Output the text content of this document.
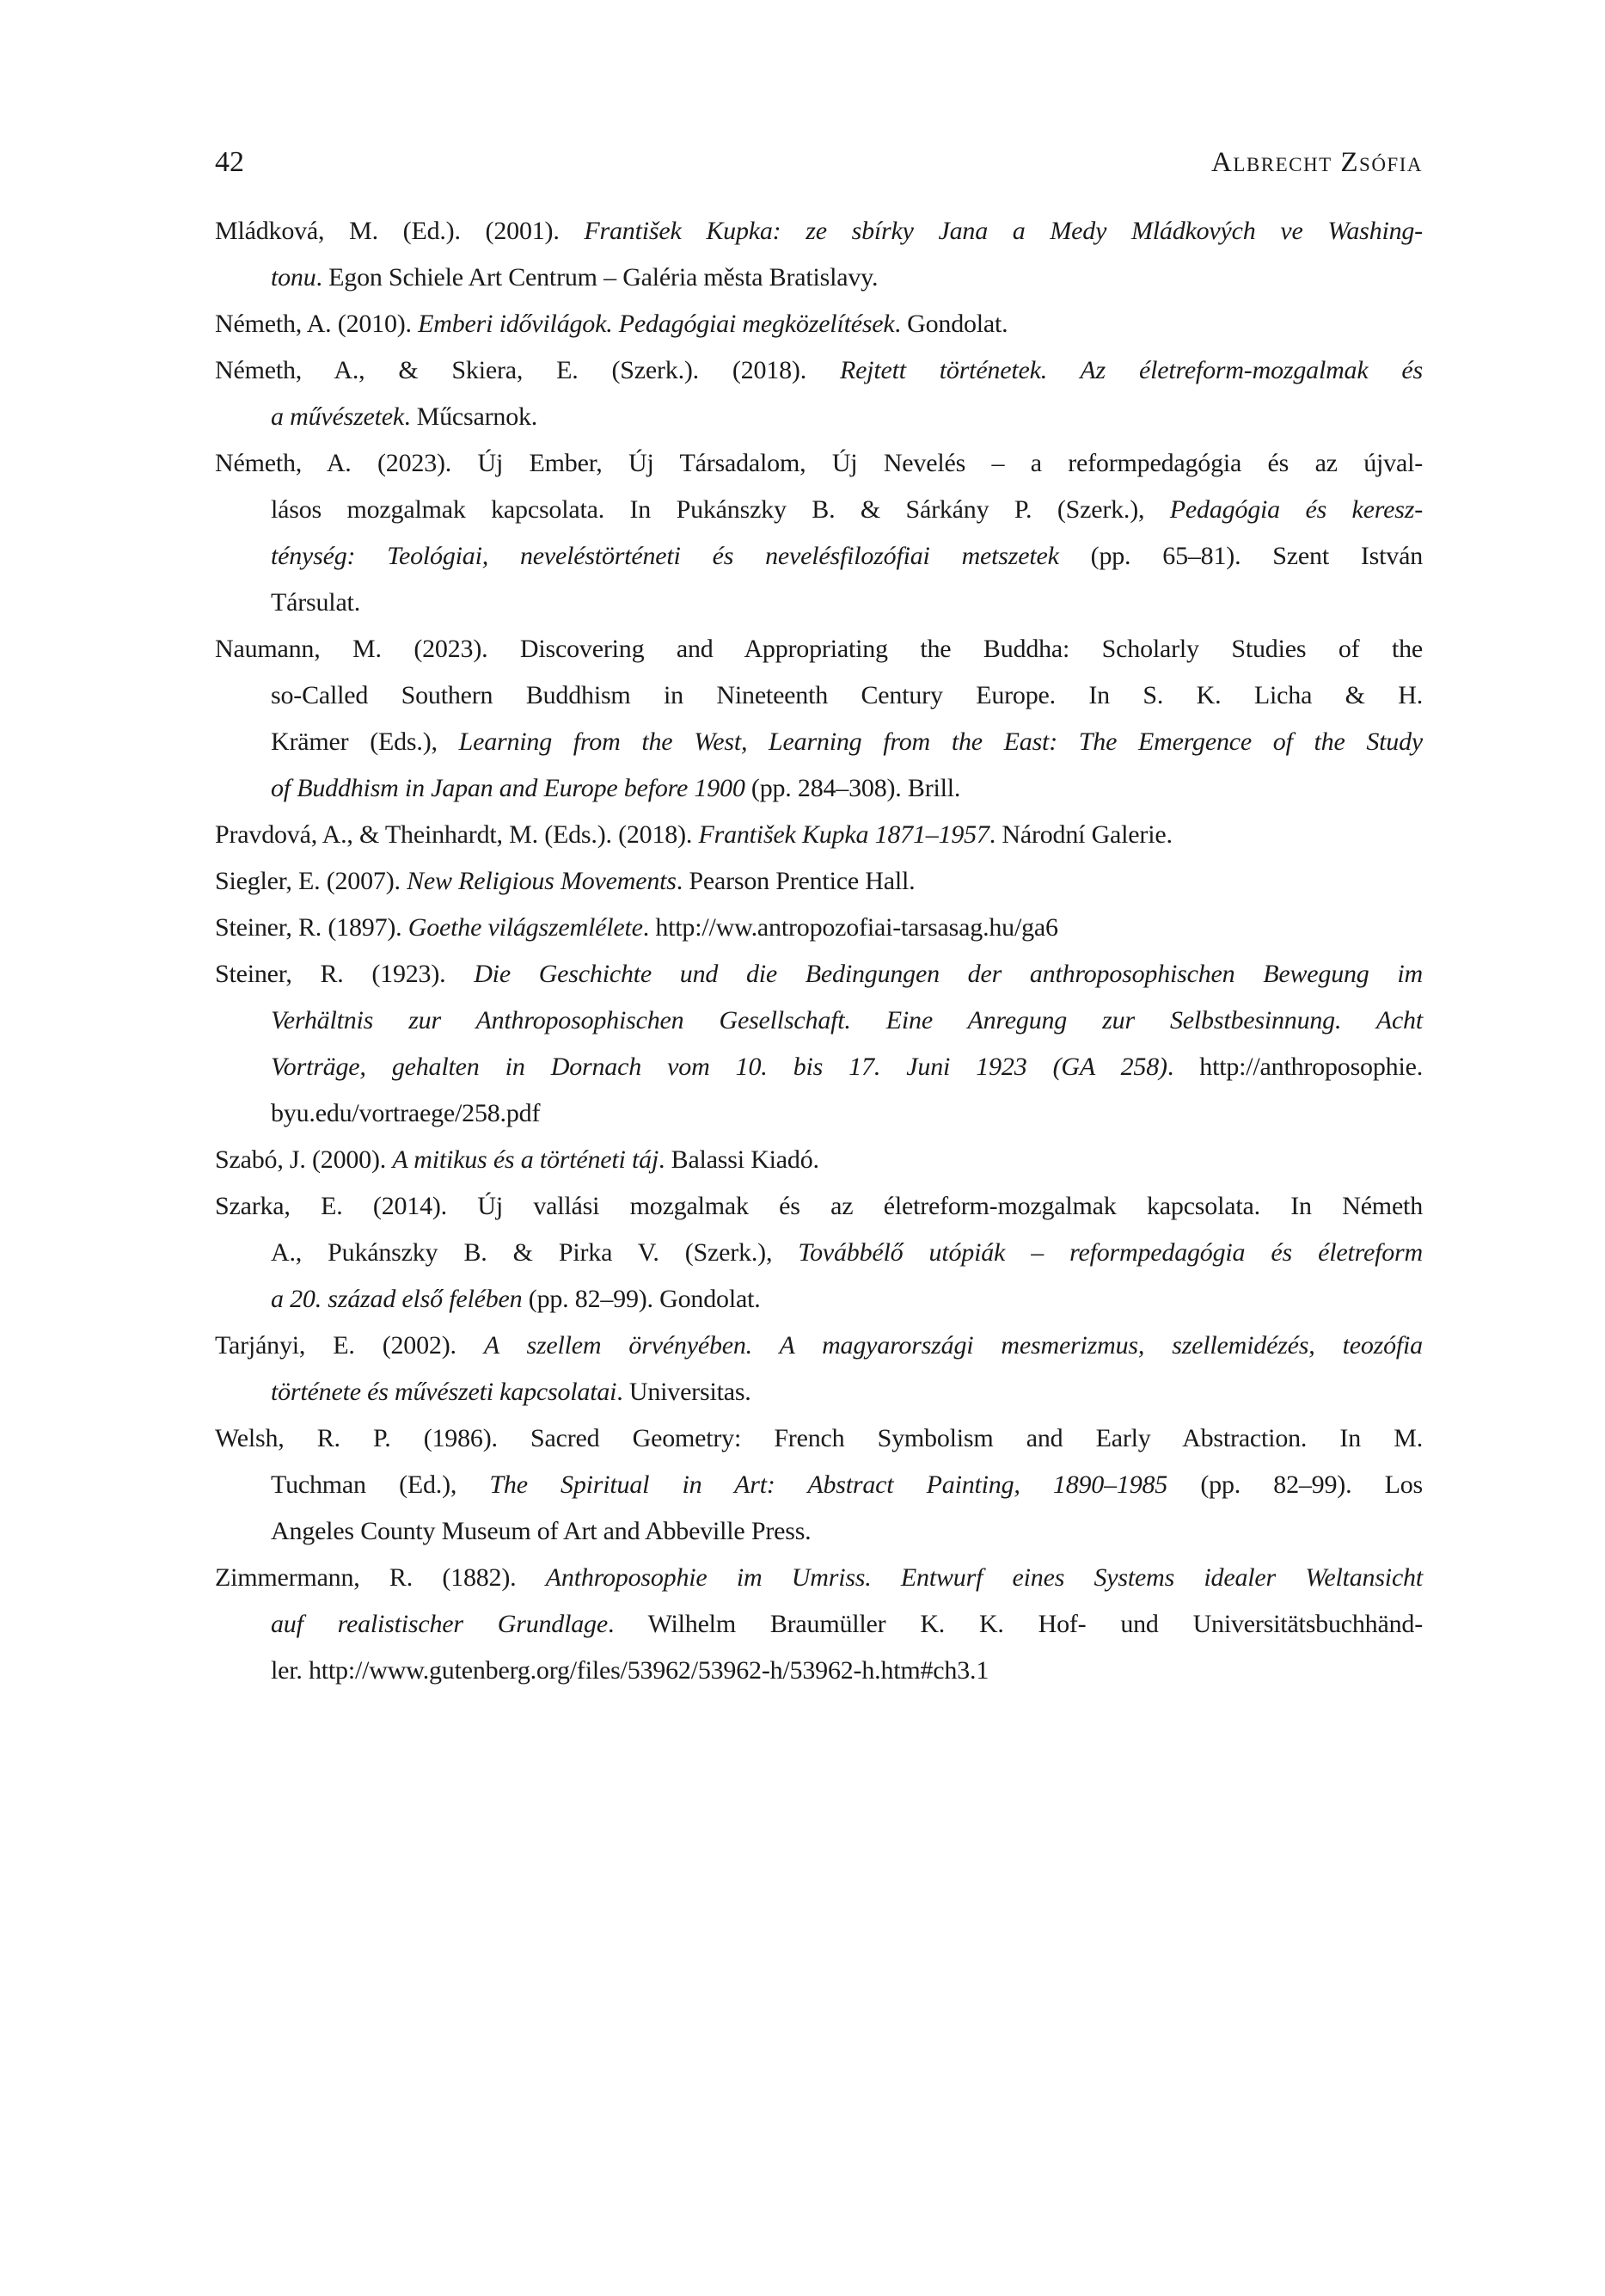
42	Albrecht Zsófia
Mládková, M. (Ed.). (2001). František Kupka: ze sbírky Jana a Medy Mládkových ve Washing-
tonu. Egon Schiele Art Centrum – Galéria města Bratislavy.
Németh, A. (2010). Emberi idővilágok. Pedagógiai megközelítések. Gondolat.
Németh, A., & Skiera, E. (Szerk.). (2018). Rejtett történetek. Az életreform-mozgalmak és
a művészetek. Műcsarnok.
Németh, A. (2023). Új Ember, Új Társadalom, Új Nevelés – a reformpedagógia és az újval-
lásos mozgalmak kapcsolata. In Pukánszky B. & Sárkány P. (Szerk.), Pedagógia és keresz-
ténység: Teológiai, neveléstörténeti és nevelésfilozófiai metszetek (pp. 65–81). Szent István
Társulat.
Naumann, M. (2023). Discovering and Appropriating the Buddha: Scholarly Studies of the
so-Called Southern Buddhism in Nineteenth Century Europe. In S. K. Licha & H.
Krämer (Eds.), Learning from the West, Learning from the East: The Emergence of the Study
of Buddhism in Japan and Europe before 1900 (pp. 284–308). Brill.
Pravdová, A., & Theinhardt, M. (Eds.). (2018). František Kupka 1871–1957. Národní Galerie.
Siegler, E. (2007). New Religious Movements. Pearson Prentice Hall.
Steiner, R. (1897). Goethe világszemlélete. http://ww.antropozofiai-tarsasag.hu/ga6
Steiner, R. (1923). Die Geschichte und die Bedingungen der anthroposophischen Bewegung im
Verhältnis zur Anthroposophischen Gesellschaft. Eine Anregung zur Selbstbesinnung. Acht
Vorträge, gehalten in Dornach vom 10. bis 17. Juni 1923 (GA 258). http://anthroposophie.
byu.edu/vortraege/258.pdf
Szabó, J. (2000). A mitikus és a történeti táj. Balassi Kiadó.
Szarka, E. (2014). Új vallási mozgalmak és az életreform-mozgalmak kapcsolata. In Németh
A., Pukánszky B. & Pirka V. (Szerk.), Továbbélő utópiák – reformpedagógia és életreform
a 20. század első felében (pp. 82–99). Gondolat.
Tarjányi, E. (2002). A szellem örvényében. A magyarországi mesmerizmus, szellemidézés, teozófia
története és művészeti kapcsolatai. Universitas.
Welsh, R. P. (1986). Sacred Geometry: French Symbolism and Early Abstraction. In M.
Tuchman (Ed.), The Spiritual in Art: Abstract Painting, 1890–1985 (pp. 82–99). Los
Angeles County Museum of Art and Abbeville Press.
Zimmermann, R. (1882). Anthroposophie im Umriss. Entwurf eines Systems idealer Weltansicht
auf realistischer Grundlage. Wilhelm Braumüller K. K. Hof- und Universitätsbuchhänd-
ler. http://www.gutenberg.org/files/53962/53962-h/53962-h.htm#ch3.1
